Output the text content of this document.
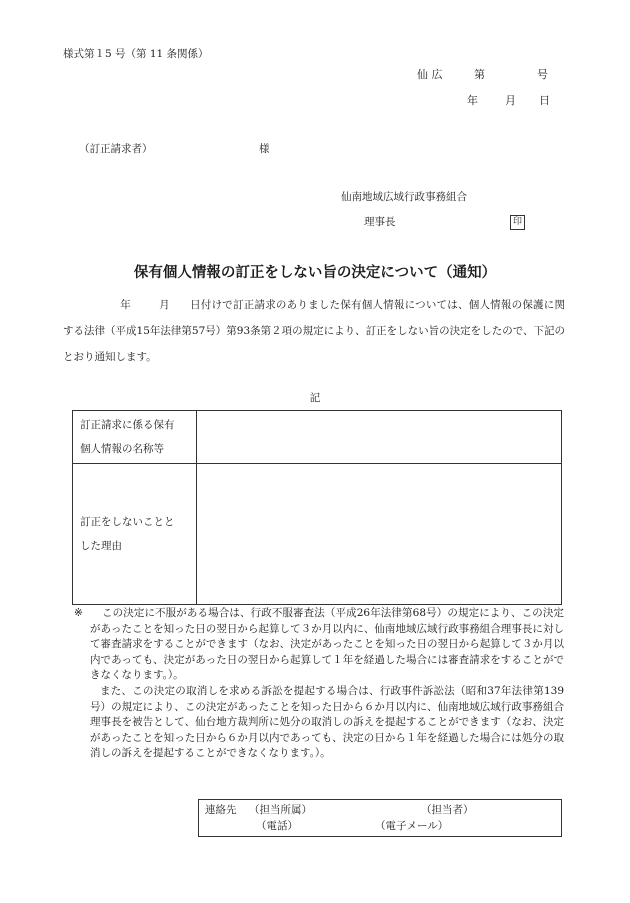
様式第１5 号（第 11 条関係）
仙 広	第	号
年 月 日
（訂正請求者）	様
仙南地域広域行政事務組合
理事長	印
保有個人情報の訂正をしない旨の決定について（通知）
年	月 日付けで訂正請求のありました保有個人情報については、個人情報の保護に関する法律（平成15年法律第57号）第93条第２項の規定により、訂正をしない旨の決定をしたので、下記のとおり通知します。
記
訂正請求に係る保有
個人情報の名称等	

訂正をしないことと
した理由	

※	この決定に不服がある場合は、行政不服審査法（平成26年法律第68号）の規定により、この決定があったことを知った日の翌日から起算して３か月以内に、仙南地域広域行政事務組合理事長に対して審査請求をすることができます（なお、決定があったことを知った日の翌日から起算して３か月以内であっても、決定があった日の翌日から起算して１年を経過した場合には審査請求をすることができなくなります。）。
また、この決定の取消しを求める訴訟を提起する場合は、行政事件訴訟法（昭和37年法律第139号）の規定により、この決定があったことを知った日から６か月以内に、仙南地域広域行政事務組合理事長を被告として、仙台地方裁判所に処分の取消しの訴えを提起することができます（なお、決定があったことを知った日から６か月以内であっても、決定の日から１年を経過した場合には処分の取消しの訴えを提起することができなくなります。）。
連絡先 （担当所属）	（担当者）
（電話）	（電子メール）
